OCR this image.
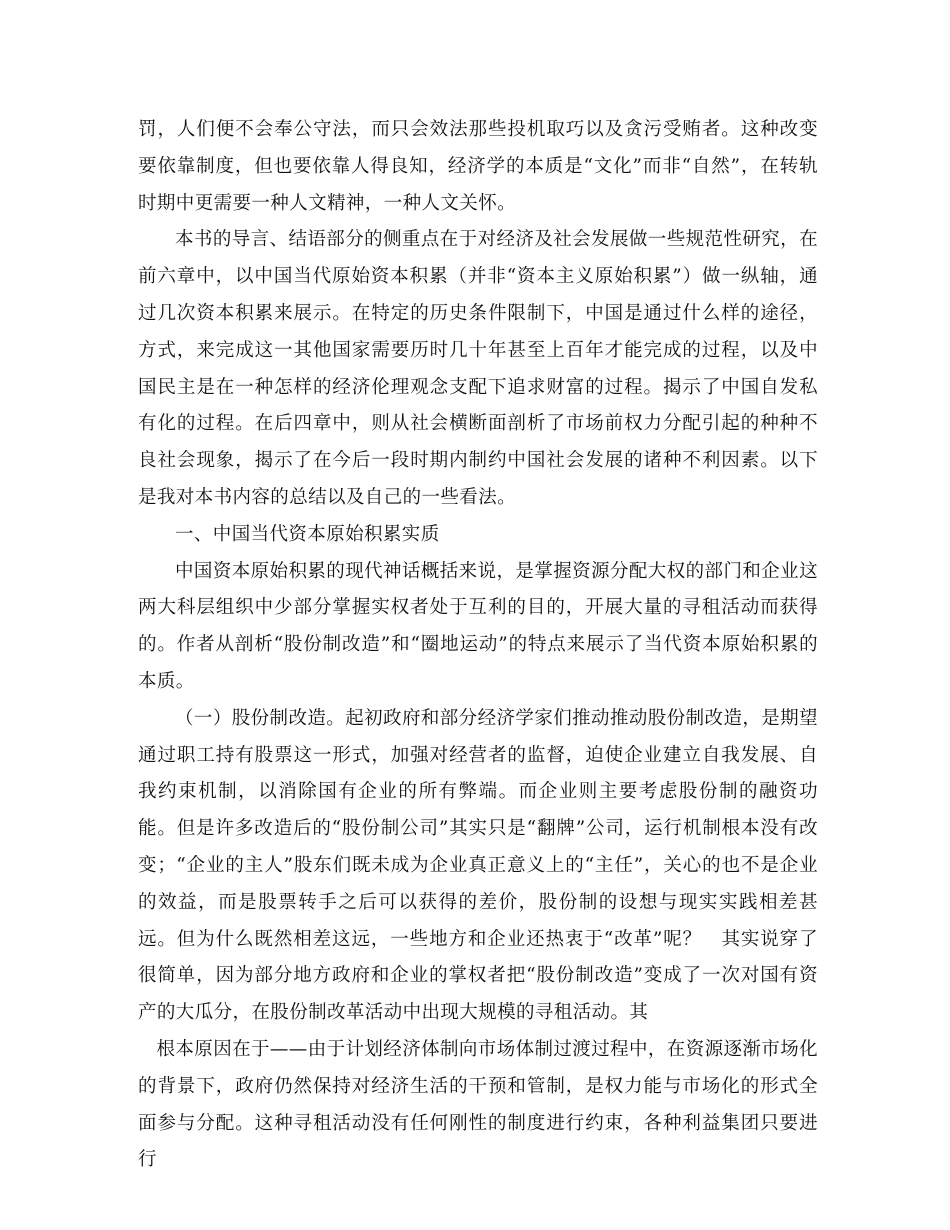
罚，人们便不会奉公守法，而只会效法那些投机取巧以及贪污受贿者。这种改变要依靠制度，但也要依靠人得良知，经济学的本质是“文化”而非“自然”，在转轨时期中更需要一种人文精神，一种人文关怀。

本书的导言、结语部分的侧重点在于对经济及社会发展做一些规范性研究，在前六章中，以中国当代原始资本积累（并非“资本主义原始积累”）做一纵轴，通过几次资本积累来展示。在特定的历史条件限制下，中国是通过什么样的途径，方式，来完成这一其他国家需要历时几十年甚至上百年才能完成的过程，以及中国民主是在一种怎样的经济伦理观念支配下追求财富的过程。揭示了中国自发私有化的过程。在后四章中，则从社会横断面剖析了市场前权力分配引起的种种不良社会现象，揭示了在今后一段时期内制约中国社会发展的诸种不利因素。以下是我对本书内容的总结以及自己的一些看法。

一、中国当代资本原始积累实质

中国资本原始积累的现代神话概括来说，是掌握资源分配大权的部门和企业这两大科层组织中少部分掌握实权者处于互利的目的，开展大量的寻租活动而获得的。作者从剖析“股份制改造”和“圈地运动”的特点来展示了当代资本原始积累的本质。

（一）股份制改造。起初政府和部分经济学家们推动推动股份制改造，是期望通过职工持有股票这一形式，加强对经营者的监督，迫使企业建立自我发展、自我约束机制，以消除国有企业的所有弊端。而企业则主要考虑股份制的融资功能。但是许多改造后的“股份制公司”其实只是“翻牌”公司，运行机制根本没有改变；“企业的主人”股东们既未成为企业真正意义上的“主任”，关心的也不是企业的效益，而是股票转手之后可以获得的差价，股份制的设想与现实实践相差甚远。但为什么既然相差这远，一些地方和企业还热衷于“改革”呢？　其实说穿了很简单，因为部分地方政府和企业的掌权者把“股份制改造”变成了一次对国有资产的大瓜分，在股份制改革活动中出现大规模的寻租活动。其

根本原因在于——由于计划经济体制向市场体制过渡过程中，在资源逐渐市场化的背景下，政府仍然保持对经济生活的干预和管制，是权力能与市场化的形式全面参与分配。这种寻租活动没有任何刚性的制度进行约束，各种利益集团只要进行
